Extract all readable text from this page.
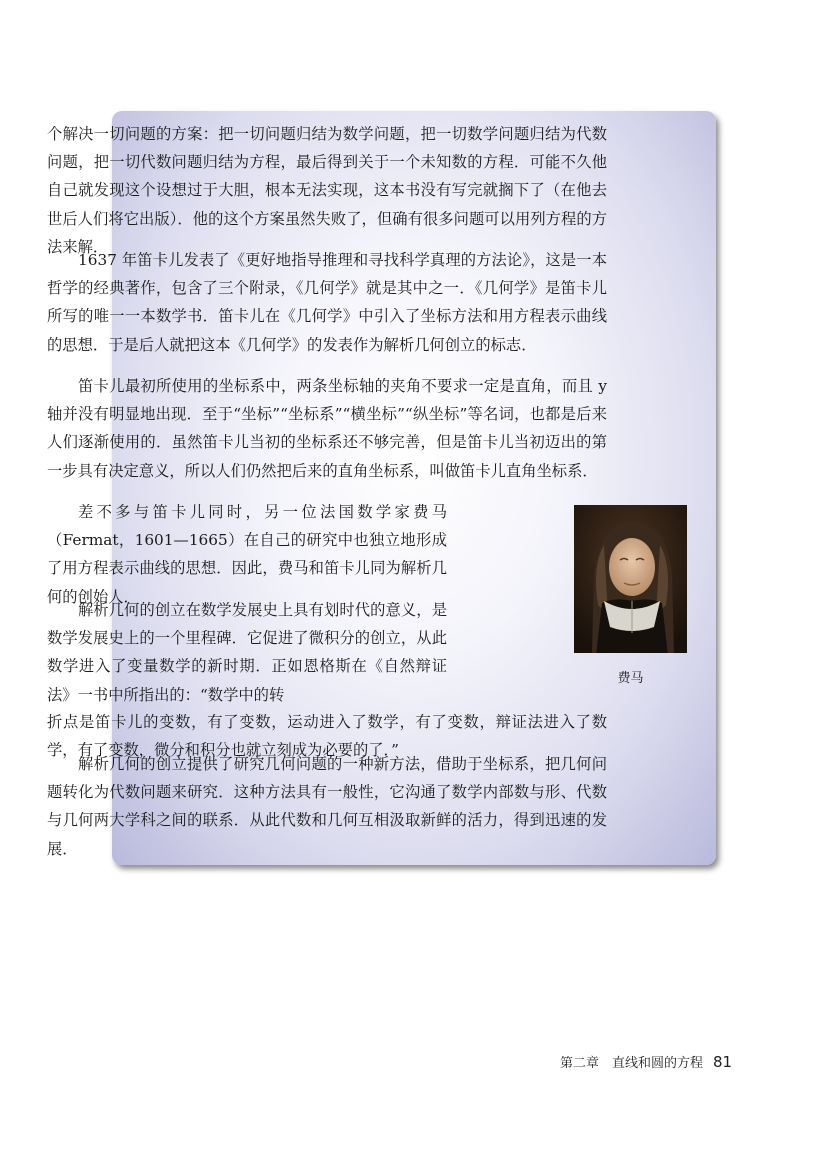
个解决一切问题的方案：把一切问题归结为数学问题，把一切数学问题归结为代数问题，把一切代数问题归结为方程，最后得到关于一个未知数的方程．可能不久他自己就发现这个设想过于大胆，根本无法实现，这本书没有写完就搁下了（在他去世后人们将它出版）．他的这个方案虽然失败了，但确有很多问题可以用列方程的方法来解．

1637 年笛卡儿发表了《更好地指导推理和寻找科学真理的方法论》，这是一本哲学的经典著作，包含了三个附录，《几何学》就是其中之一．《几何学》是笛卡儿所写的唯一一本数学书．笛卡儿在《几何学》中引入了坐标方法和用方程表示曲线的思想．于是后人就把这本《几何学》的发表作为解析几何创立的标志．

笛卡儿最初所使用的坐标系中，两条坐标轴的夹角不要求一定是直角，而且 y 轴并没有明显地出现．至于“坐标”“坐标系”“横坐标”“纵坐标”等名词，也都是后来人们逐渐使用的．虽然笛卡儿当初的坐标系还不够完善，但是笛卡儿当初迈出的第一步具有决定意义，所以人们仍然把后来的直角坐标系，叫做笛卡儿直角坐标系．

差不多与笛卡儿同时，另一位法国数学家费马（Fermat，1601—1665）在自己的研究中也独立地形成了用方程表示曲线的思想．因此，费马和笛卡儿同为解析几何的创始人．

解析几何的创立在数学发展史上具有划时代的意义，是数学发展史上的一个里程碑．它促进了微积分的创立，从此数学进入了变量数学的新时期．正如恩格斯在《自然辩证法》一书中所指出的：“数学中的转

折点是笛卡儿的变数，有了变数，运动进入了数学，有了变数，辩证法进入了数学，有了变数，微分和积分也就立刻成为必要的了．”

解析几何的创立提供了研究几何问题的一种新方法，借助于坐标系，把几何问题转化为代数问题来研究．这种方法具有一般性，它沟通了数学内部数与形、代数与几何两大学科之间的联系．从此代数和几何互相汲取新鲜的活力，得到迅速的发展．

费马
第二章　直线和圆的方程 81
